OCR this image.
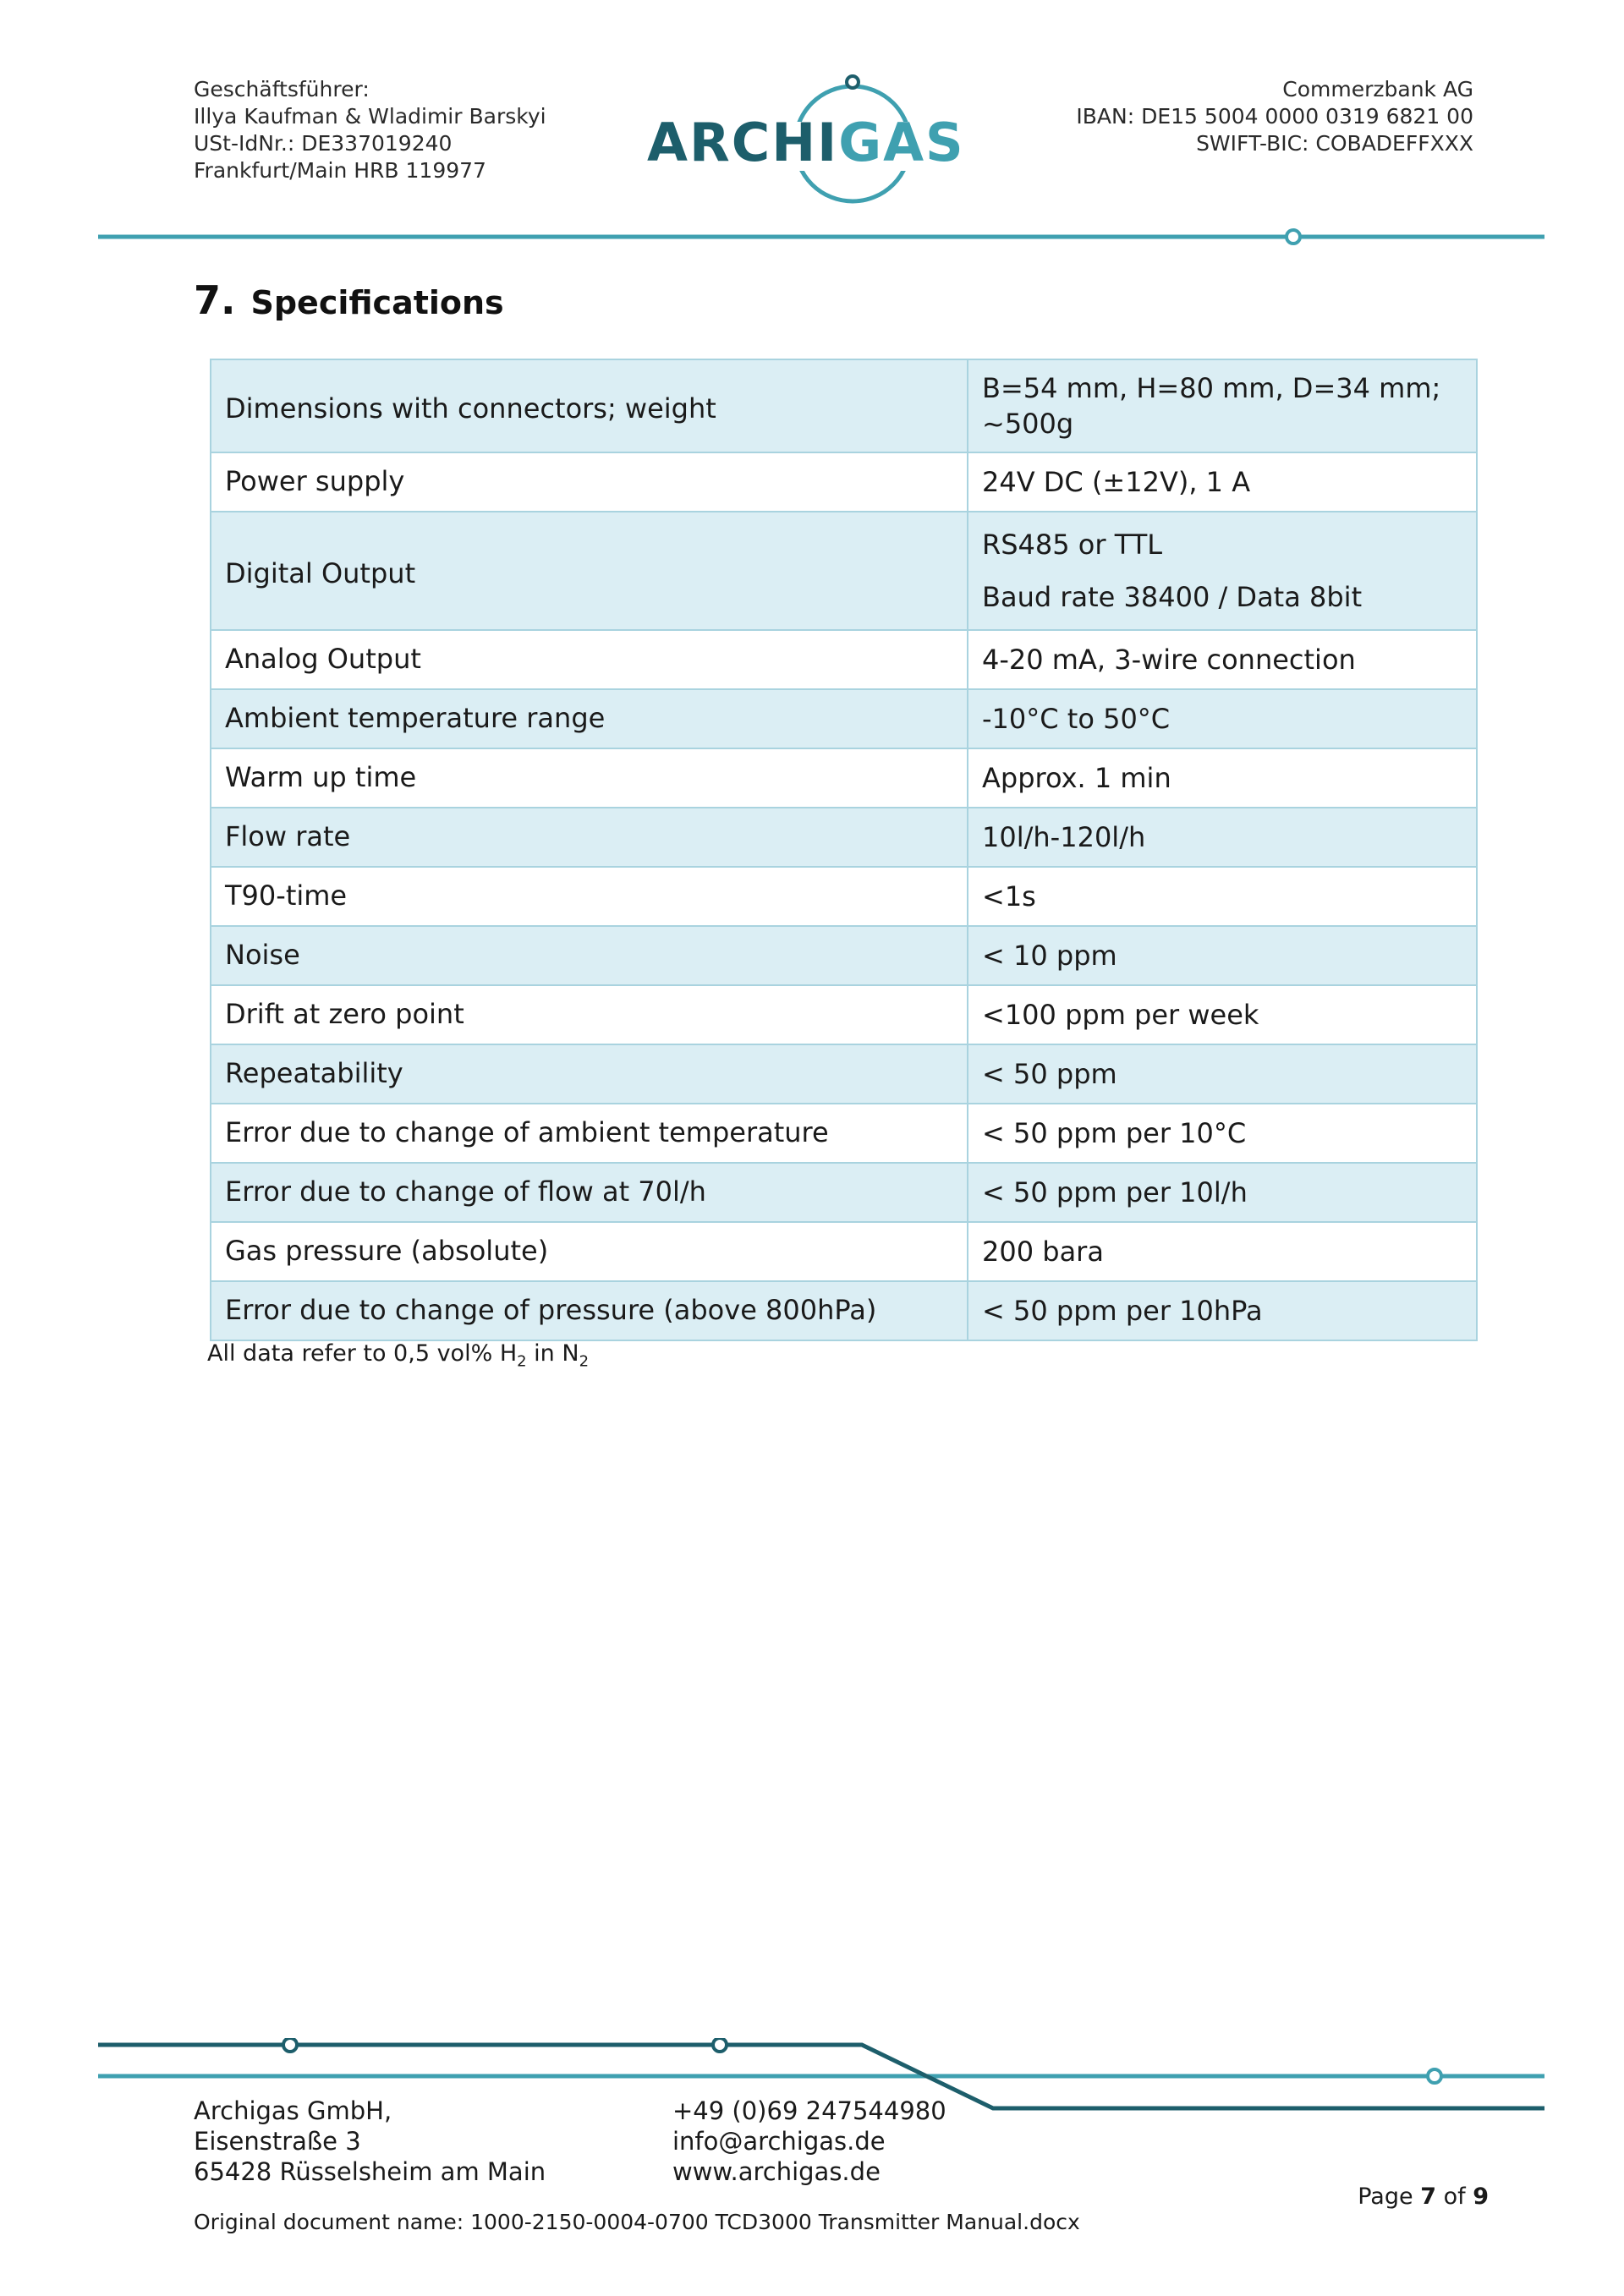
Geschäftsführer:
Illya Kaufman & Wladimir Barskyi
USt-IdNr.: DE337019240
Frankfurt/Main HRB 119977	ARCHIGAS
Commerzbank AG
IBAN: DE15 5004 0000 0319 6821 00
SWIFT-BIC: COBADEFFXXX
7. Specifications
Dimensions with connectors; weight	B=54 mm, H=80 mm, D=34 mm; ~500g
Power supply	24V DC (±12V), 1 A
Digital Output	RS485 or TTL
Baud rate 38400 / Data 8bit

Analog Output	4-20 mA, 3-wire connection
Ambient temperature range	-10°C to 50°C
Warm up time	Approx. 1 min
Flow rate	10l/h-120l/h
T90-time	<1s
Noise	< 10 ppm
Drift at zero point	<100 ppm per week
Repeatability	< 50 ppm
Error due to change of ambient temperature	< 50 ppm per 10°C
Error due to change of flow at 70l/h	< 50 ppm per 10l/h
Gas pressure (absolute)	200 bara
Error due to change of pressure (above 800hPa)	< 50 ppm per 10hPa
All data refer to 0,5 vol% $H_2$ in $N_2$
Archigas GmbH,
Eisenstraße 3
65428 Rüsselsheim am Main
+49 (0)69 247544980
info@archigas.de
www.archigas.de
Page 7 of 9
Original document name: 1000-2150-0004-0700 TCD3000 Transmitter Manual.docx
